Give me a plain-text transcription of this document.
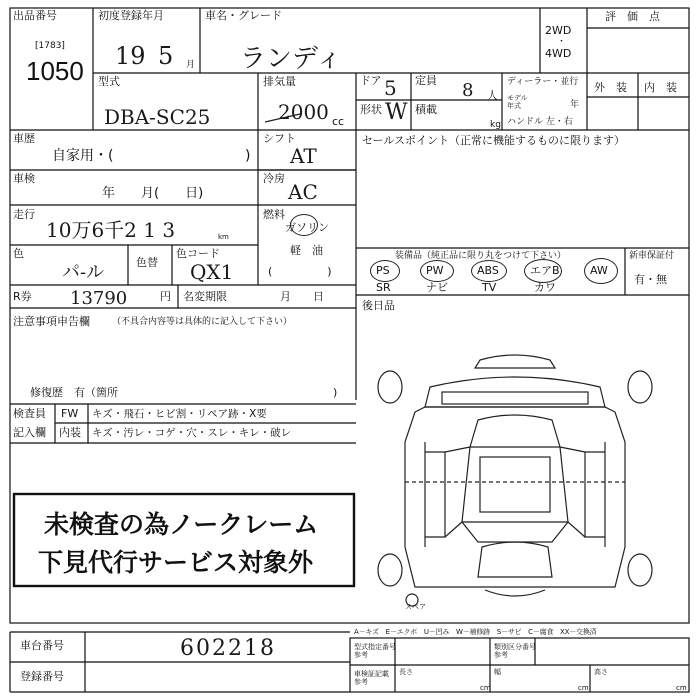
スペア
出品番号
[1783]
1050
初度登録年月
19 5 月
車名・グレード
ランディ
2WD
・
4WD
評　価　点
型式
DBA-SC25
排気量
2000 cc
ドア 5 定員 8 人
形状 W 積載
kg
ディーラー・並行
モデル
年式	年
ハンドル 左・右
外　装 内　装
車歴
自家用・(	)
車検
年　　月(　　日)
走行
10万6千2 1 3	km
色
パ-ル	色替
色コード
QX1
シフト
AT
冷房
AC
燃料
ガソリン
軽　油
(　　　　　)
R券 13790	円 名変期限	月　　日
注意事項申告欄 （不具合内容等は具体的に記入して下さい）
修復歴　有（箇所	)
検査員
記入欄
FW キズ・飛石・ヒビ割・リペア跡・X要
内装 キズ・汚レ・コゲ・穴・スレ・キレ・破レ
セールスポイント（正常に機能するものに限ります）
装備品（純正品に限り丸をつけて下さい）	新車保証付
有・無
後日品
PS	PW	ABS	エアB	AW
SR	ナビ	TV	カワ
未検査の為ノークレーム
下見代行サービス対象外
車台番号	602218
登録番号
A－キズ　E－エクボ　U－凹み　W－補修跡　S－サビ　C－腐食　XX－交換済
型式指定番号
参考
類別区分番号
参考
車検証記載
参考
長さ
cm
幅
cm
高さ
cm
